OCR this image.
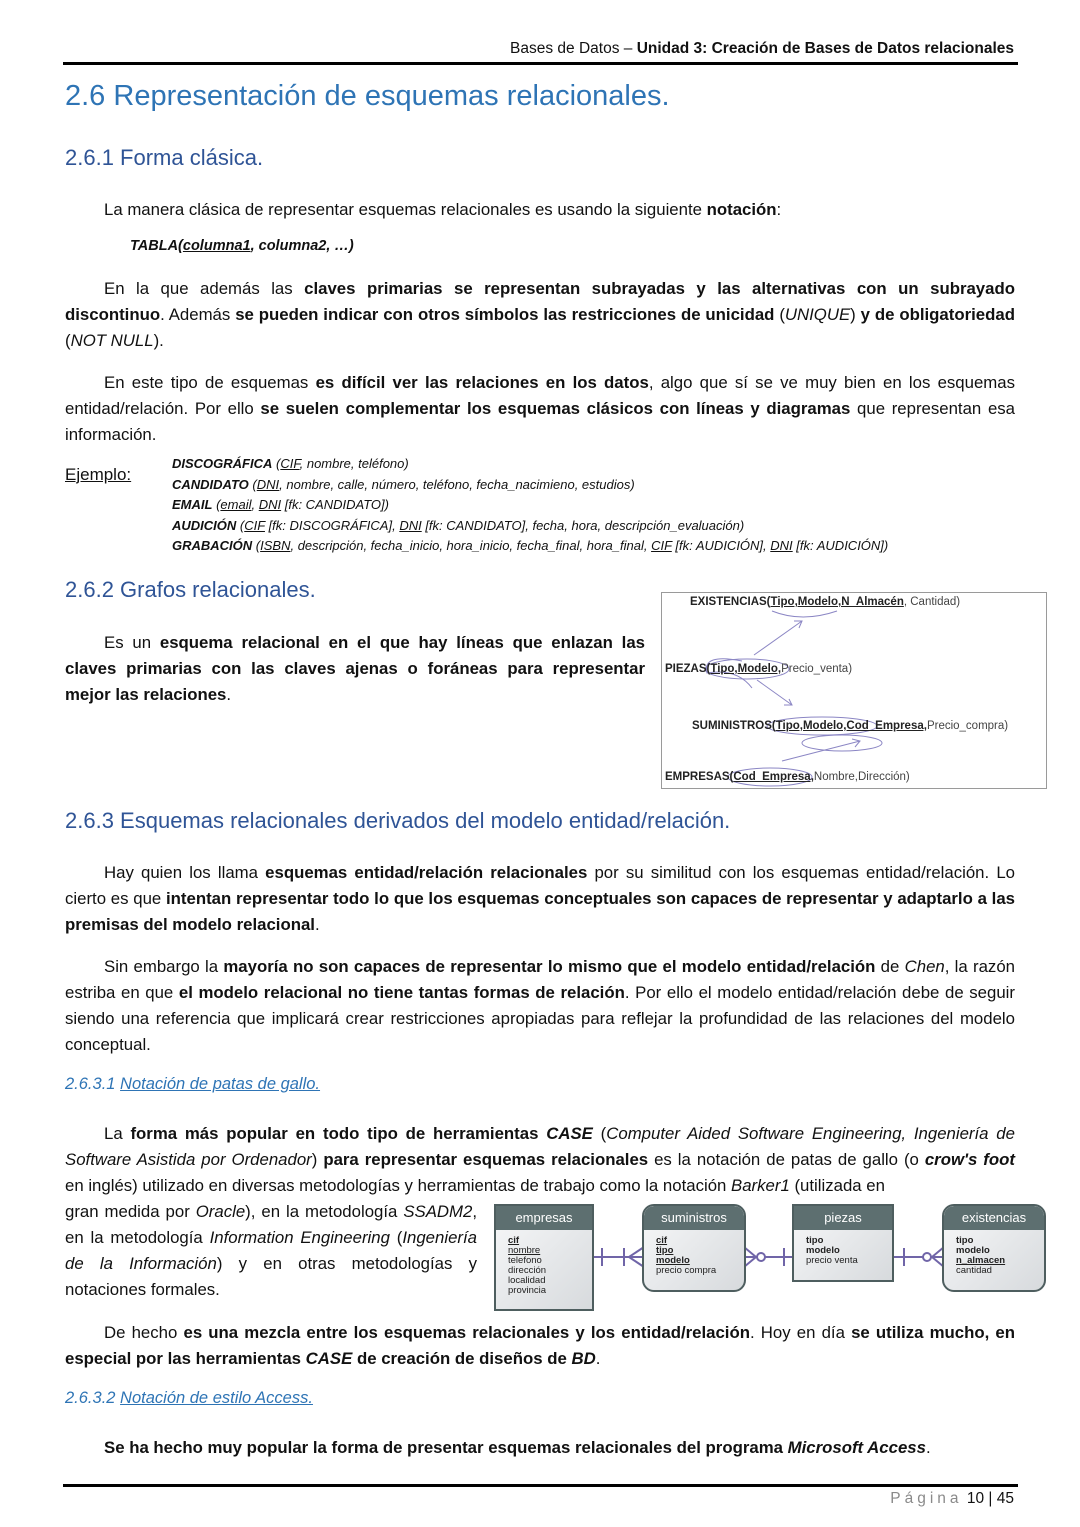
Bases de Datos – Unidad 3: Creación de Bases de Datos relacionales
2.6 Representación de esquemas relacionales.
2.6.1 Forma clásica.
La manera clásica de representar esquemas relacionales es usando la siguiente notación:
TABLA(columna1, columna2, …)
En la que además las claves primarias se representan subrayadas y las alternativas con un subrayado discontinuo. Además se pueden indicar con otros símbolos las restricciones de unicidad (UNIQUE) y de obligatoriedad (NOT NULL).
En este tipo de esquemas es difícil ver las relaciones en los datos, algo que sí se ve muy bien en los esquemas entidad/relación. Por ello se suelen complementar los esquemas clásicos con líneas y diagramas que representan esa información.
Ejemplo:
DISCOGRÁFICA (CIF, nombre, teléfono)
CANDIDATO (DNI, nombre, calle, número, teléfono, fecha_nacimieno, estudios)
EMAIL (email, DNI [fk: CANDIDATO])
AUDICIÓN (CIF [fk: DISCOGRÁFICA], DNI [fk: CANDIDATO], fecha, hora, descripción_evaluación)
GRABACIÓN (ISBN, descripción, fecha_inicio, hora_inicio, fecha_final, hora_final, CIF [fk: AUDICIÓN], DNI [fk: AUDICIÓN])
2.6.2 Grafos relacionales.
Es un esquema relacional en el que hay líneas que enlazan las claves primarias con las claves ajenas o foráneas para representar mejor las relaciones.
EXISTENCIAS(Tipo,Modelo,N_Almacén, Cantidad)
PIEZAS(Tipo,Modelo,Precio_venta)
SUMINISTROS(Tipo,Modelo,Cod_Empresa,Precio_compra)
EMPRESAS(Cod_Empresa,Nombre,Dirección)
2.6.3 Esquemas relacionales derivados del modelo entidad/relación.
Hay quien los llama esquemas entidad/relación relacionales por su similitud con los esquemas entidad/relación. Lo cierto es que intentan representar todo lo que los esquemas conceptuales son capaces de representar y adaptarlo a las premisas del modelo relacional.
Sin embargo la mayoría no son capaces de representar lo mismo que el modelo entidad/relación de Chen, la razón estriba en que el modelo relacional no tiene tantas formas de relación. Por ello el modelo entidad/relación debe de seguir siendo una referencia que implicará crear restricciones apropiadas para reflejar la profundidad de las relaciones del modelo conceptual.
2.6.3.1 Notación de patas de gallo.
La forma más popular en todo tipo de herramientas CASE (Computer Aided Software Engineering, Ingeniería de Software Asistida por Ordenador) para representar esquemas relacionales es la notación de patas de gallo (o crow's foot en inglés) utilizado en diversas metodologías y herramientas de trabajo como la notación Barker1 (utilizada en
gran medida por Oracle), en la metodología SSADM2, en la metodología Information Engineering (Ingeniería de la Información) y en otras metodologías y notaciones formales.
empresas
cif
nombre
telefono
dirección
localidad
provincia
suministros
cif
tipo
modelo
precio compra
piezas
tipo
modelo
precio venta
existencias
tipo
modelo
n_almacen
cantidad
De hecho es una mezcla entre los esquemas relacionales y los entidad/relación. Hoy en día se utiliza mucho, en especial por las herramientas CASE de creación de diseños de BD.
2.6.3.2 Notación de estilo Access.
Se ha hecho muy popular la forma de presentar esquemas relacionales del programa Microsoft Access.
Página 10 | 45
